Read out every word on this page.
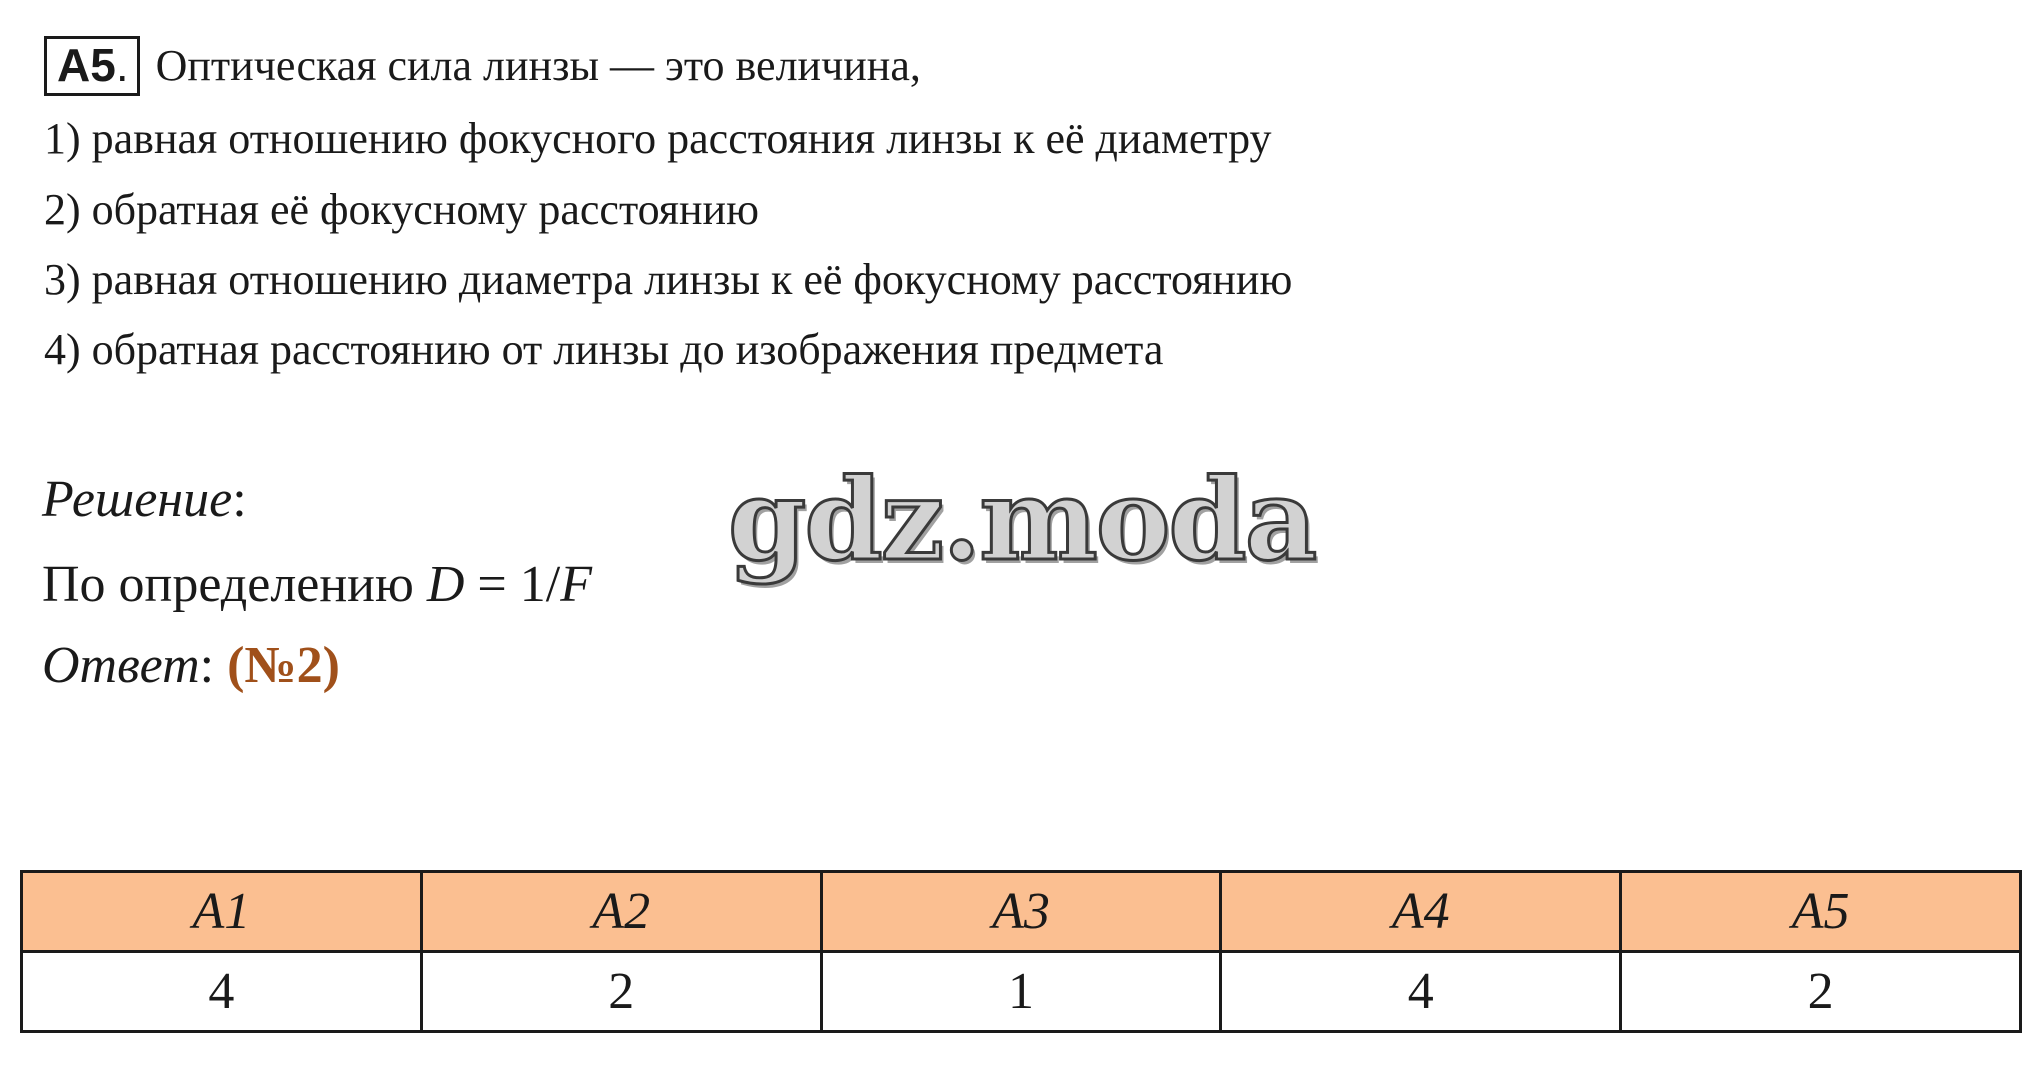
А5. Оптическая сила линзы — это величина,
1) равная отношению фокусного расстояния линзы к её диаметру
2) обратная её фокусному расстоянию
3) равная отношению диаметра линзы к её фокусному расстоянию
4) обратная расстоянию от линзы до изображения предмета
Решение:
По определению D = 1/F
Ответ: (№2)
gdz.moda
А1	А2	А3	А4	А5
4	2	1	4	2
